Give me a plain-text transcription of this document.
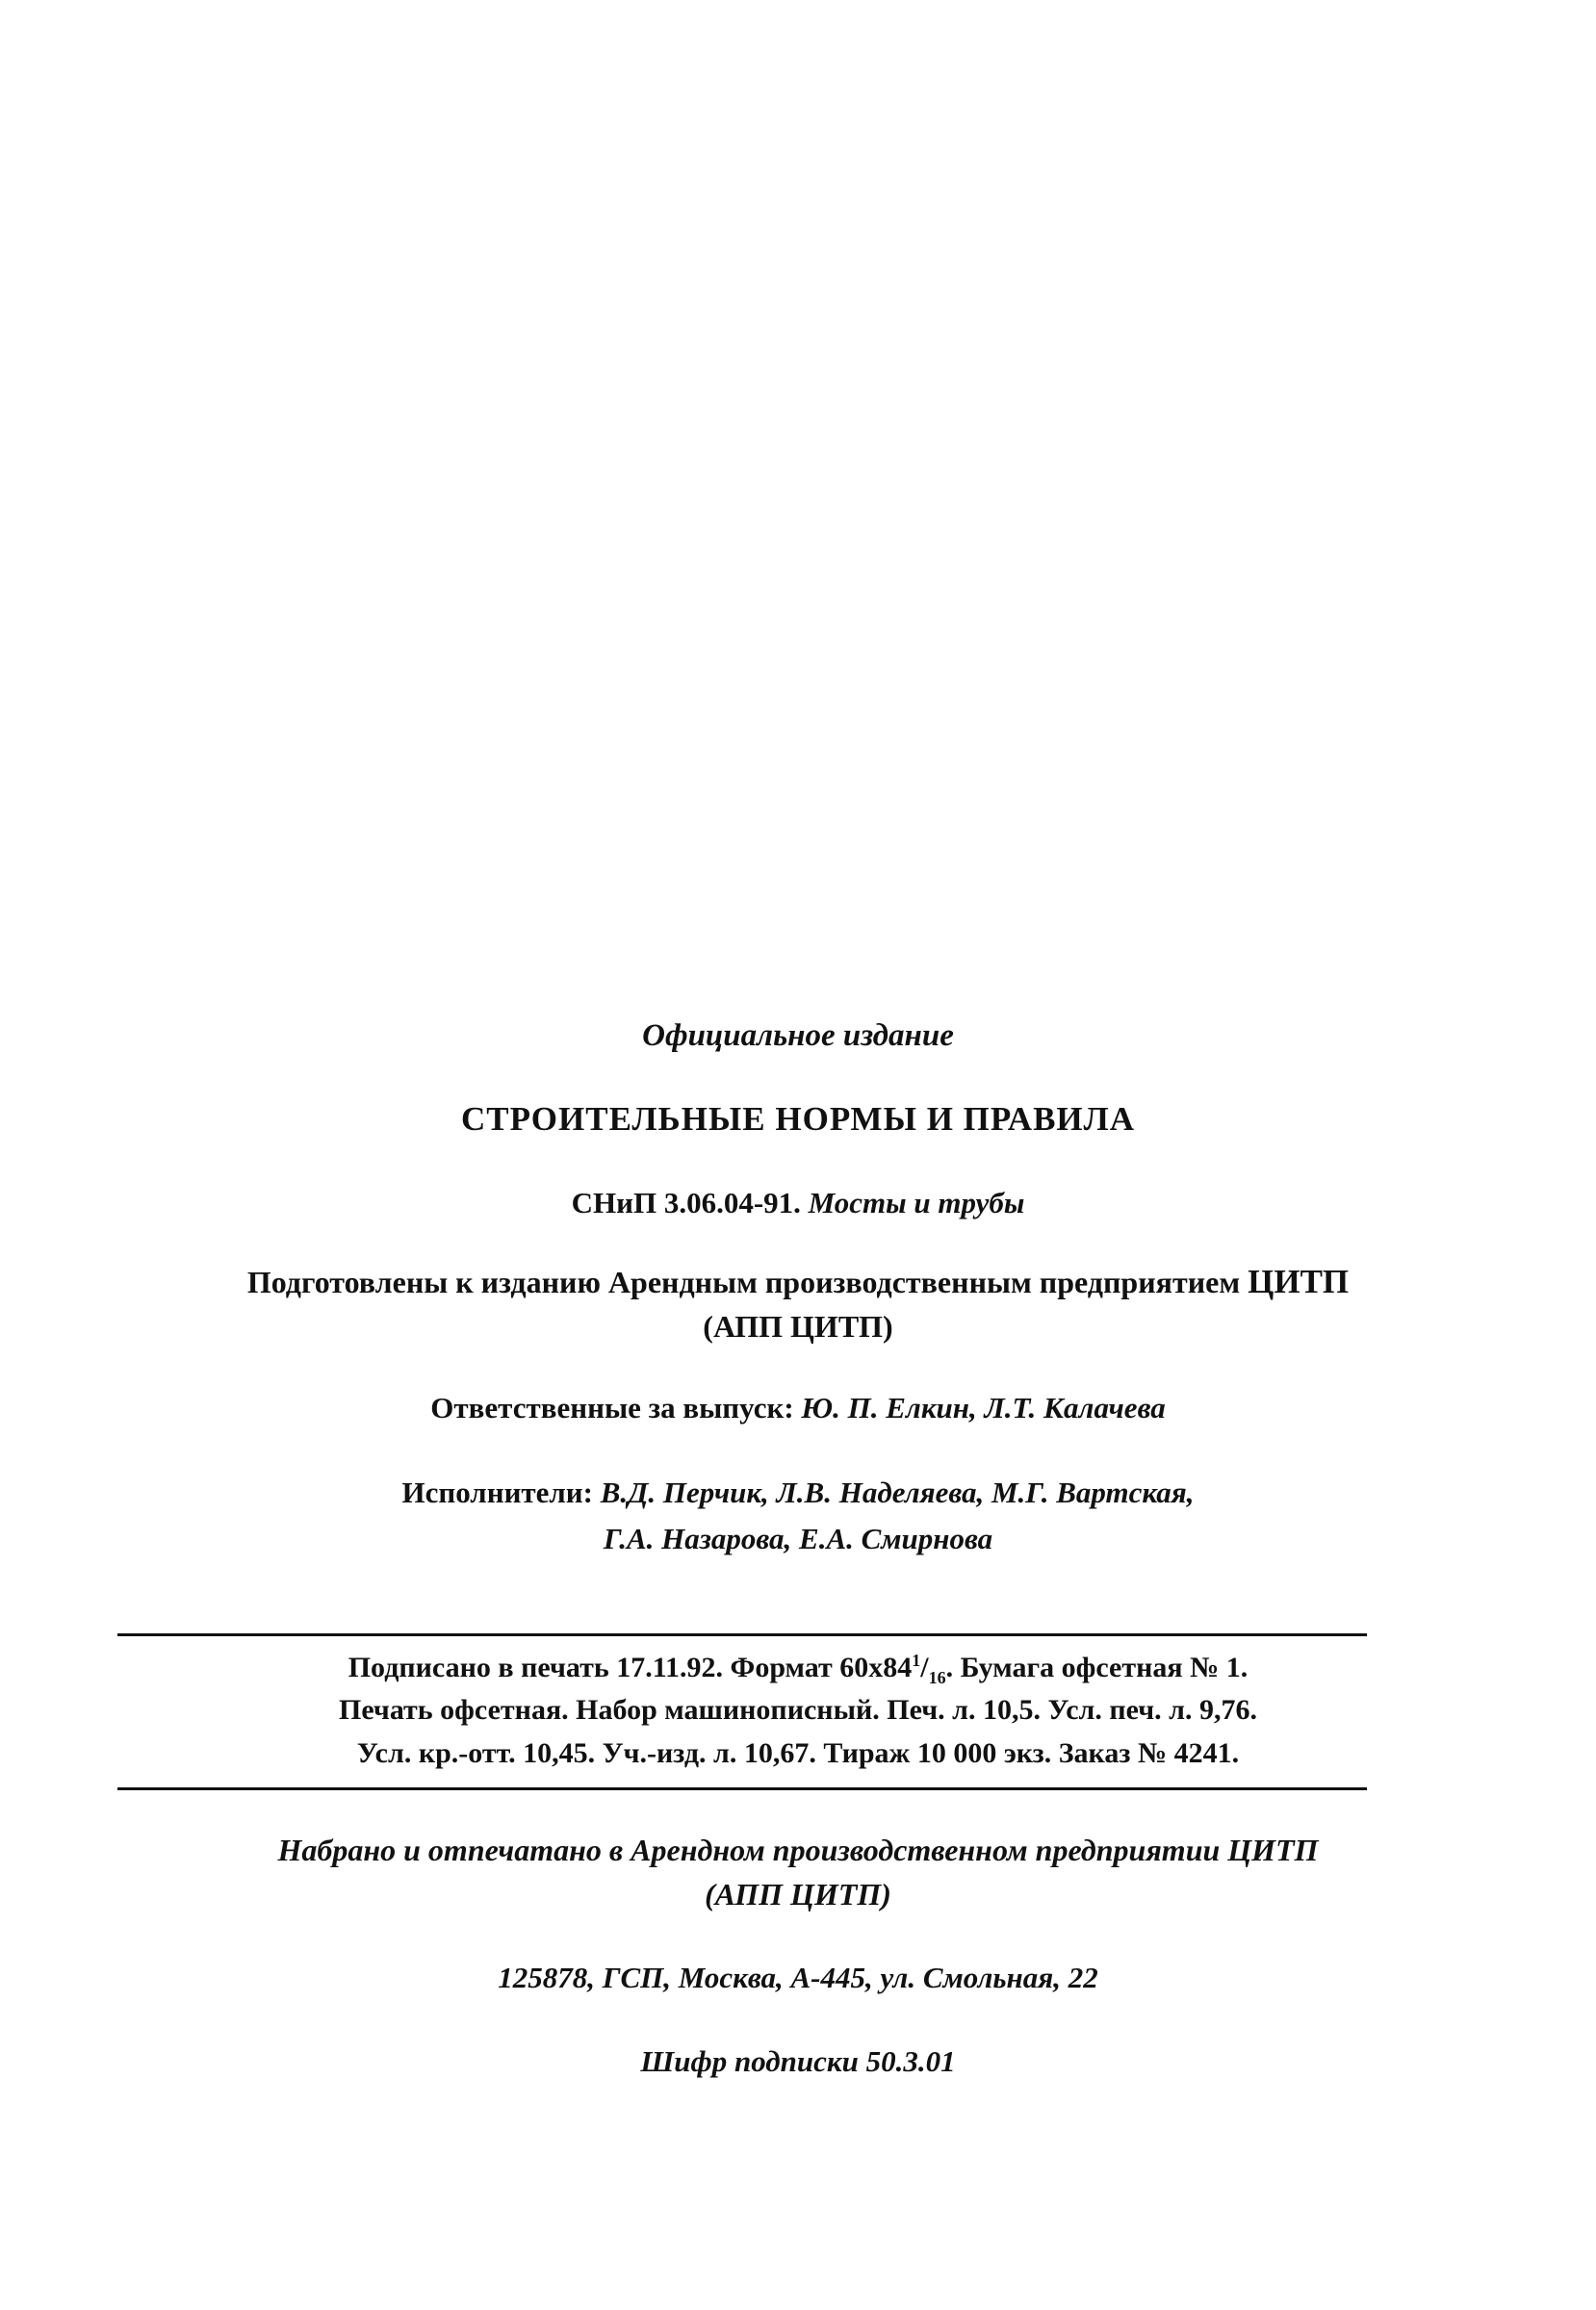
Официальное издание
СТРОИТЕЛЬНЫЕ НОРМЫ И ПРАВИЛА
СНиП 3.06.04-91. Мосты и трубы
Подготовлены к изданию Арендным производственным предприятием ЦИТП
(АПП ЦИТП)
Ответственные за выпуск: Ю. П. Елкин, Л.Т. Калачева
Исполнители: В.Д. Перчик, Л.В. Наделяева, М.Г. Вартская,
Г.А. Назарова, Е.А. Смирнова
Подписано в печать 17.11.92. Формат $60х84^1/_{16}$. Бумага офсетная № 1.
Печать офсетная. Набор машинописный. Печ. л. 10,5. Усл. печ. л. 9,76.
Усл. кр.-отт. 10,45. Уч.-изд. л. 10,67. Тираж 10 000 экз. Заказ № 4241.
Набрано и отпечатано в Арендном производственном предприятии ЦИТП
(АПП ЦИТП)
125878, ГСП, Москва, А-445, ул. Смольная, 22
Шифр подписки 50.3.01
